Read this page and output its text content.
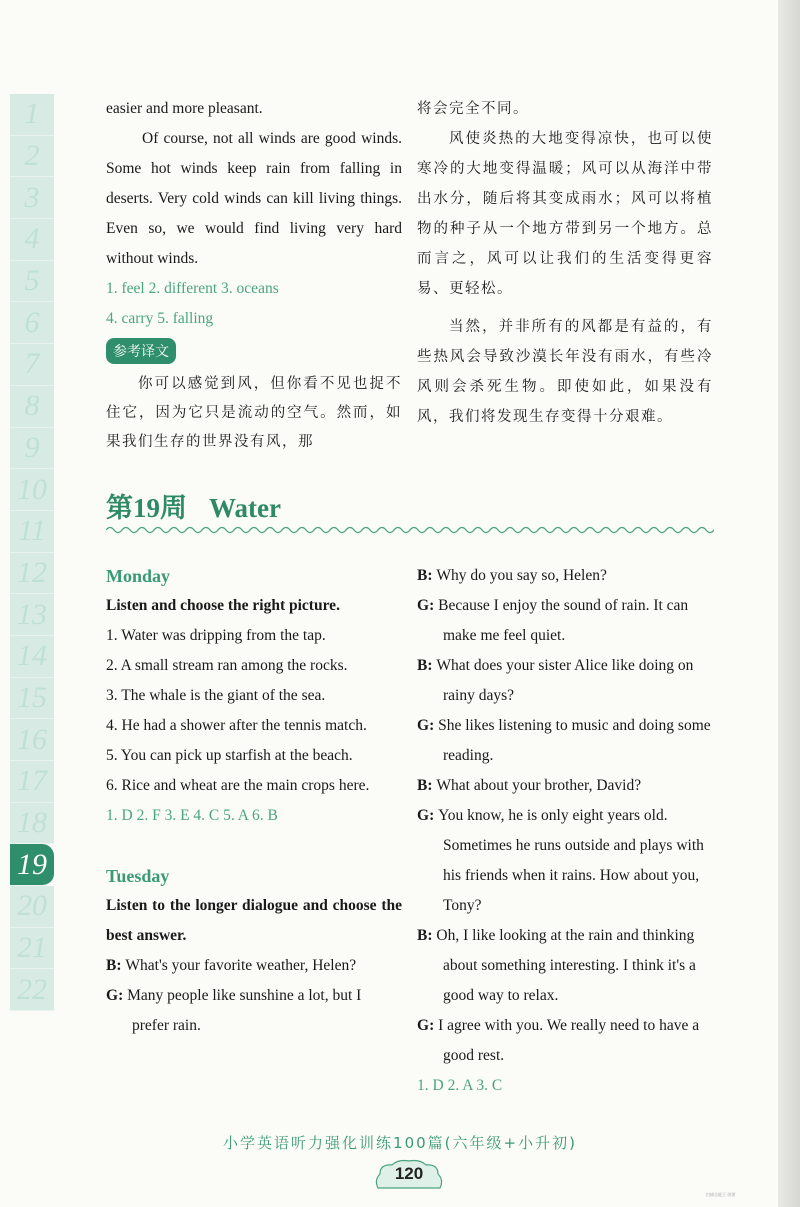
1
2
3
4
5
6
7
8
9
10
11
12
13
14
15
16
17
18
19
20
21
22

easier and more pleasant.

Of course, not all winds are good winds. Some hot winds keep rain from falling in deserts. Very cold winds can kill living things. Even so, we would find living very hard without winds.

1. feel 2. different 3. oceans

4. carry 5. falling

参考译文

你可以感觉到风，但你看不见也捉不住它，因为它只是流动的空气。然而，如果我们生存的世界没有风，那

将会完全不同。

风使炎热的大地变得凉快，也可以使寒冷的大地变得温暖；风可以从海洋中带出水分，随后将其变成雨水；风可以将植物的种子从一个地方带到另一个地方。总而言之，风可以让我们的生活变得更容易、更轻松。

当然，并非所有的风都是有益的，有些热风会导致沙漠长年没有雨水，有些冷风则会杀死生物。即使如此，如果没有风，我们将发现生存变得十分艰难。

第19周 Water

Monday

Listen and choose the right picture.

1. Water was dripping from the tap.

2. A small stream ran among the rocks.

3. The whale is the giant of the sea.

4. He had a shower after the tennis match.

5. You can pick up starfish at the beach.

6. Rice and wheat are the main crops here.

1. D 2. F 3. E 4. C 5. A 6. B

Tuesday

Listen to the longer dialogue and choose the best answer.

B: What's your favorite weather, Helen?

G: Many people like sunshine a lot, but I prefer rain.

B: Why do you say so, Helen?

G: Because I enjoy the sound of rain. It can make me feel quiet.

B: What does your sister Alice like doing on rainy days?

G: She likes listening to music and doing some reading.

B: What about your brother, David?

G: You know, he is only eight years old. Sometimes he runs outside and plays with his friends when it rains. How about you, Tony?

B: Oh, I like looking at the rain and thinking about something interesting. I think it's a good way to relax.

G: I agree with you. We really need to have a good rest.

1. D 2. A 3. C

小学英语听力强化训练100篇(六年级+小升初)
120
扫描全能王 创建
